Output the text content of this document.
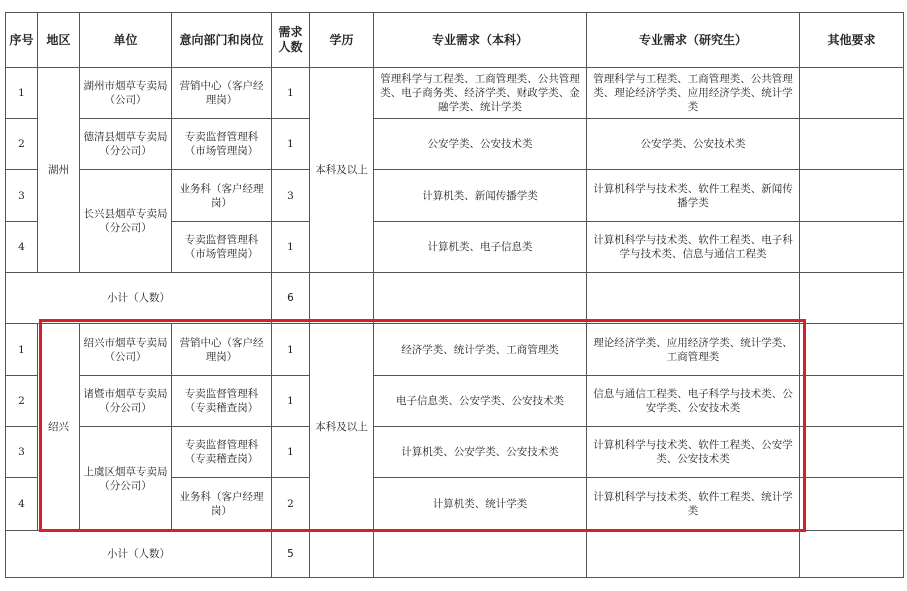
序号	地区	单位	意向部门和岗位	需求人数	学历	专业需求（本科）	专业需求（研究生）	其他要求
1	湖州	湖州市烟草专卖局（公司）	营销中心（客户经理岗）	1	本科及以上	管理科学与工程类、工商管理类、公共管理类、电子商务类、经济学类、财政学类、金融学类、统计学类	管理科学与工程类、工商管理类、公共管理类、理论经济学类、应用经济学类、统计学类	
2		德清县烟草专卖局（分公司）	专卖监督管理科（市场管理岗）	1		公安学类、公安技术类	公安学类、公安技术类	
3		长兴县烟草专卖局（分公司）	业务科（客户经理岗）	3		计算机类、新闻传播学类	计算机科学与技术类、软件工程类、新闻传播学类	
4			专卖监督管理科（市场管理岗）	1		计算机类、电子信息类	计算机科学与技术类、软件工程类、电子科学与技术类、信息与通信工程类	
小计（人数）				6				
1	绍兴	绍兴市烟草专卖局（公司）	营销中心（客户经理岗）	1	本科及以上	经济学类、统计学类、工商管理类	理论经济学类、应用经济学类、统计学类、工商管理类	
2		诸暨市烟草专卖局（分公司）	专卖监督管理科（专卖稽查岗）	1		电子信息类、公安学类、公安技术类	信息与通信工程类、电子科学与技术类、公安学类、公安技术类	
3		上虞区烟草专卖局（分公司）	专卖监督管理科（专卖稽查岗）	1		计算机类、公安学类、公安技术类	计算机科学与技术类、软件工程类、公安学类、公安技术类	
4			业务科（客户经理岗）	2		计算机类、统计学类	计算机科学与技术类、软件工程类、统计学类	
小计（人数）				5				
